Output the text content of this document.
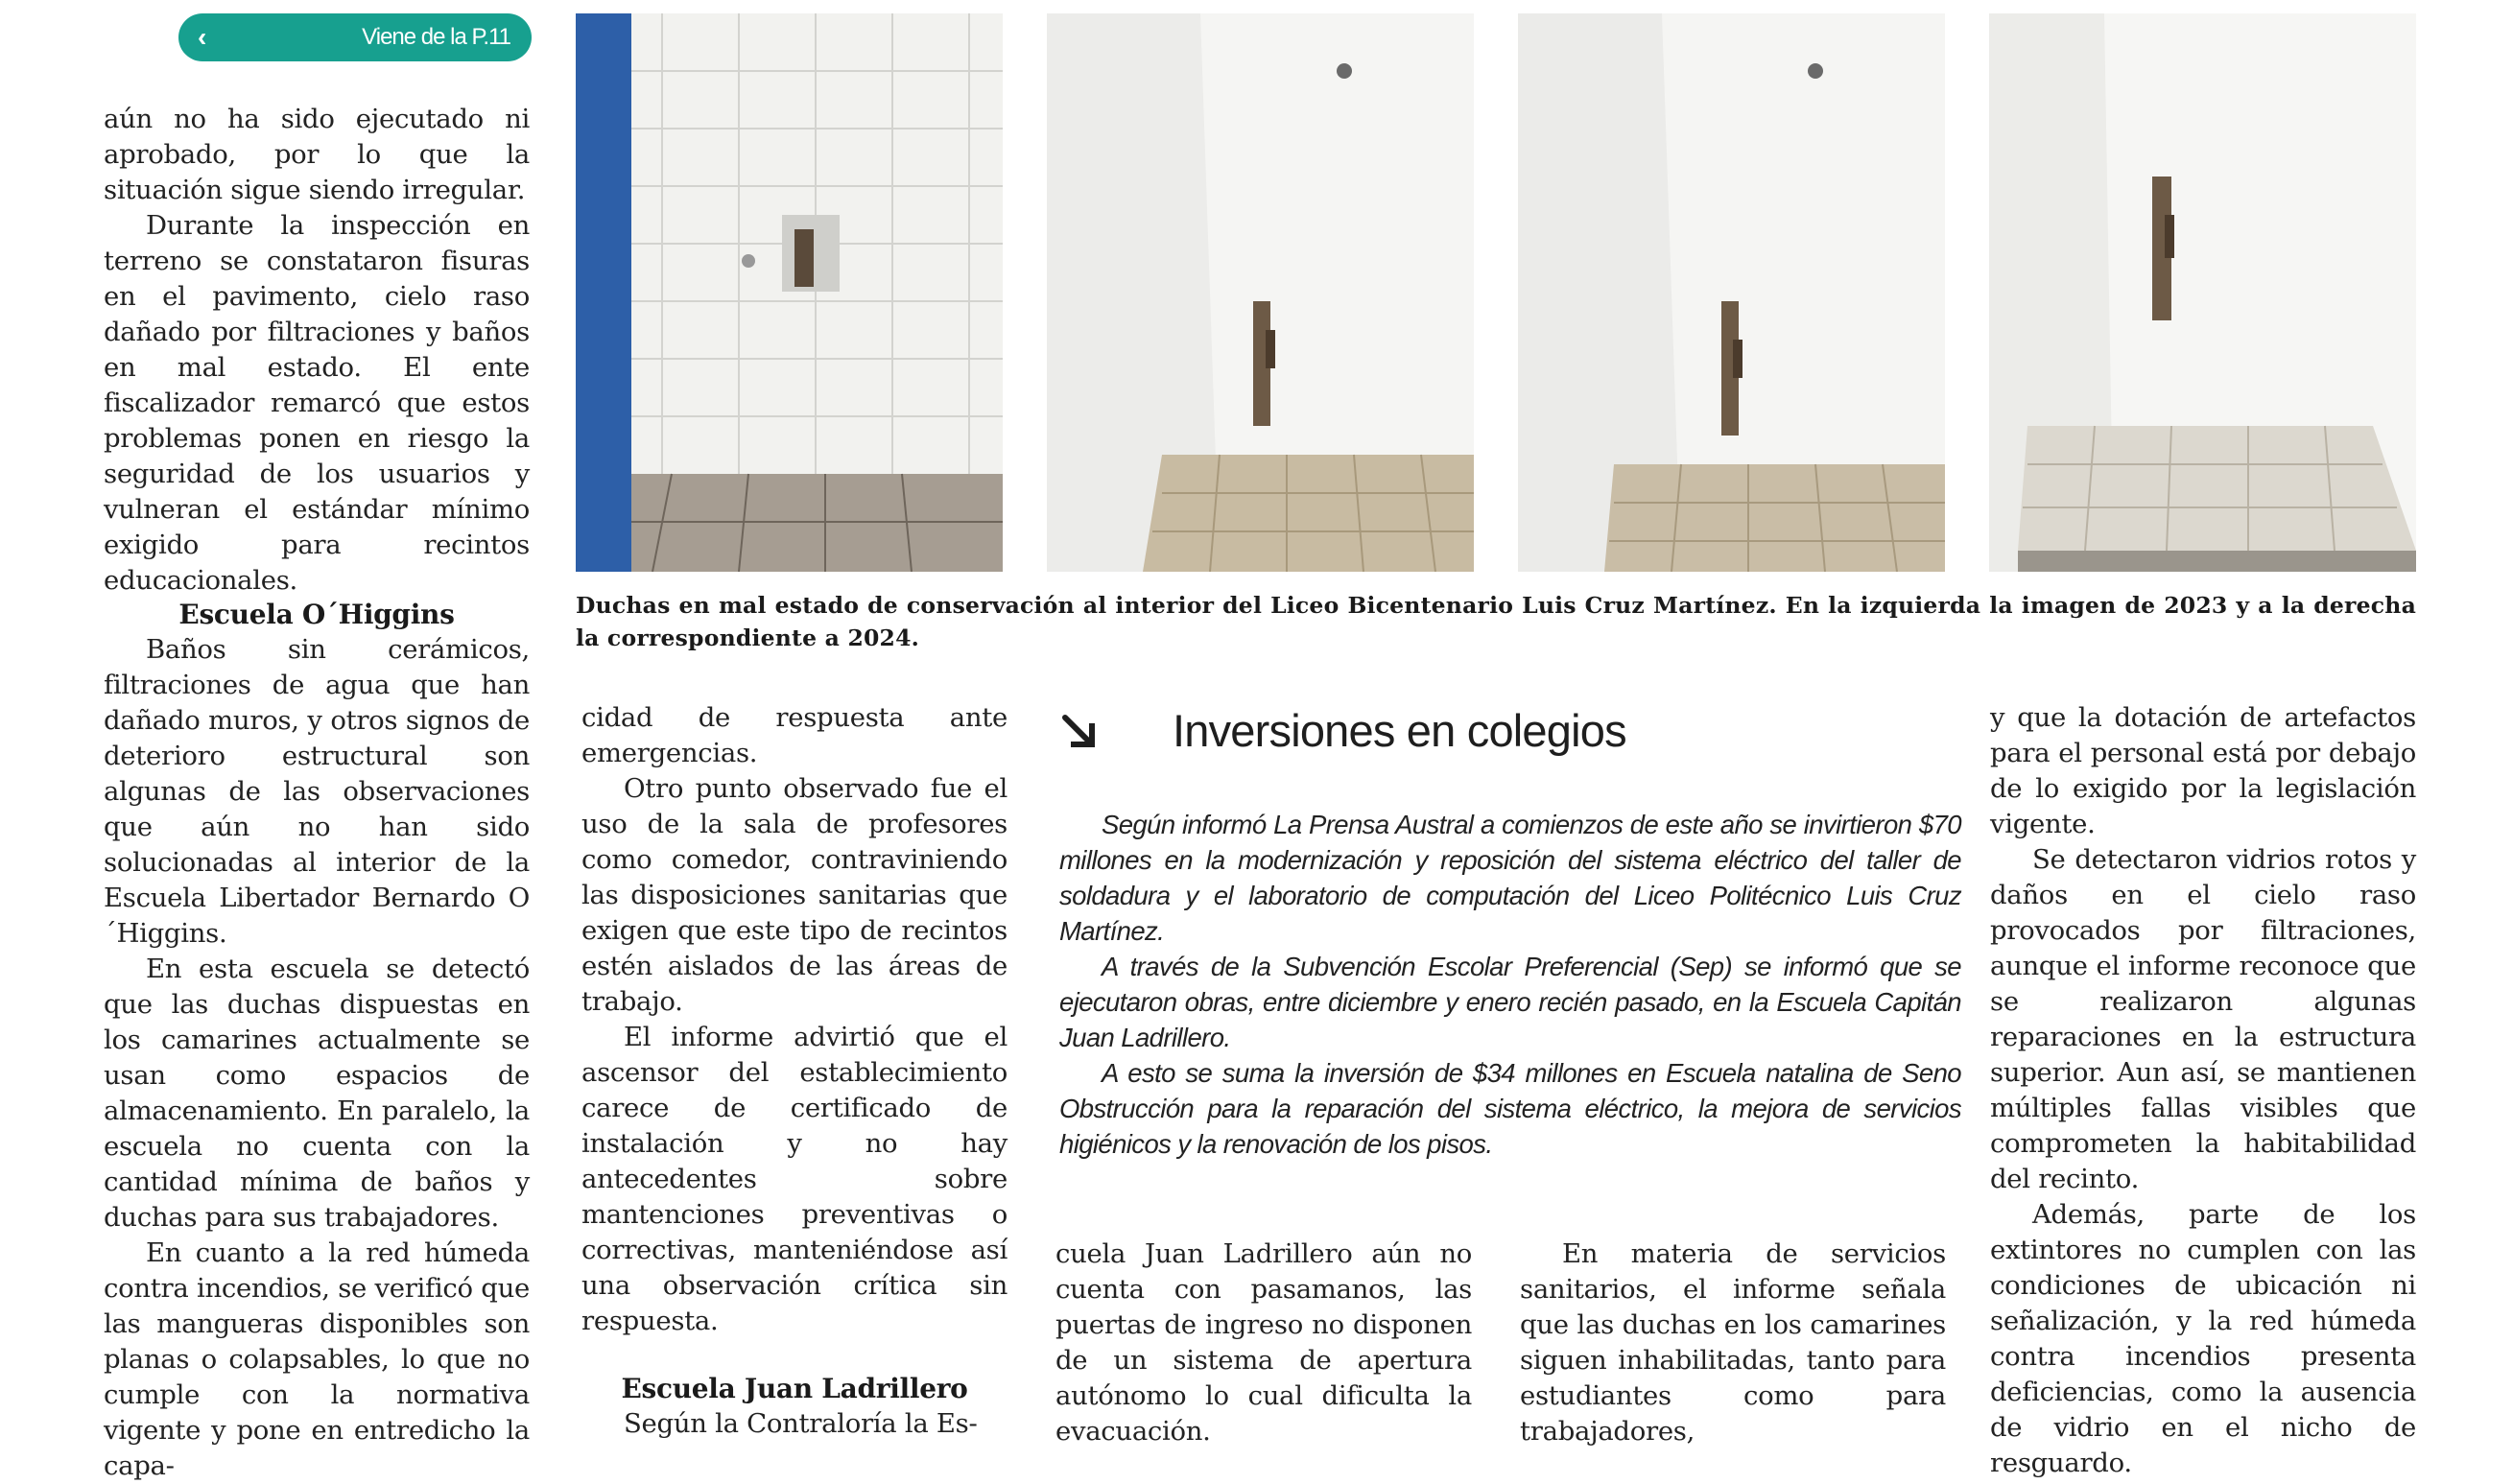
‹	Viene de la P.11

aún no ha sido ejecutado ni aprobado, por lo que la situación sigue siendo irregular.

Durante la inspección en terreno se constataron fisuras en el pavimento, cielo raso dañado por filtraciones y baños en mal estado. El ente fiscalizador remarcó que estos problemas ponen en riesgo la seguridad de los usuarios y vulneran el estándar mínimo exigido para recintos educacionales.

Escuela O´Higgins

Baños sin cerámicos, filtraciones de agua que han dañado muros, y otros signos de deterioro estructural son algunas de las observaciones que aún no han sido solucionadas al interior de la Escuela Libertador Bernardo O´Higgins.

En esta escuela se detectó que las duchas dispuestas en los camarines actualmente se usan como espacios de almacenamiento. En paralelo, la escuela no cuenta con la cantidad mínima de baños y duchas para sus trabajadores.

En cuanto a la red húmeda contra incendios, se verificó que las mangueras disponibles son planas o colapsables, lo que no cumple con la normativa vigente y pone en entredicho la capa-

Duchas en mal estado de conservación al interior del Liceo Bicentenario Luis Cruz Martínez. En la izquierda la imagen de 2023 y a la derecha la correspondiente a 2024.

cidad de respuesta ante emergencias.

Otro punto observado fue el uso de la sala de profesores como comedor, contraviniendo las disposiciones sanitarias que exigen que este tipo de recintos estén aislados de las áreas de trabajo.

El informe advirtió que el ascensor del establecimiento carece de certificado de instalación y no hay antecedentes sobre mantenciones preventivas o correctivas, manteniéndose así una observación crítica sin respuesta.

Escuela Juan Ladrillero

Según la Contraloría la Es-

Inversiones en colegios

Según informó La Prensa Austral a comienzos de este año se invirtieron $70 millones en la modernización y reposición del sistema eléctrico del taller de soldadura y el laboratorio de computación del Liceo Politécnico Luis Cruz Martínez.

A través de la Subvención Escolar Preferencial (Sep) se informó que se ejecutaron obras, entre diciembre y enero recién pasado, en la Escuela Capitán Juan Ladrillero.

A esto se suma la inversión de $34 millones en Escuela natalina de Seno Obstrucción para la reparación del sistema eléctrico, la mejora de servicios higiénicos y la renovación de los pisos.

cuela Juan Ladrillero aún no cuenta con pasamanos, las puertas de ingreso no disponen de un sistema de apertura autónomo lo cual dificulta la evacuación.

En materia de servicios sanitarios, el informe señala que las duchas en los camarines siguen inhabilitadas, tanto para estudiantes como para trabajadores,

y que la dotación de artefactos para el personal está por debajo de lo exigido por la legislación vigente.

Se detectaron vidrios rotos y daños en el cielo raso provocados por filtraciones, aunque el informe reconoce que se realizaron algunas reparaciones en la estructura superior. Aun así, se mantienen múltiples fallas visibles que comprometen la habitabilidad del recinto.

Además, parte de los extintores no cumplen con las condiciones de ubicación ni señalización, y la red húmeda contra incendios presenta deficiencias, como la ausencia de vidrio en el nicho de resguardo.
